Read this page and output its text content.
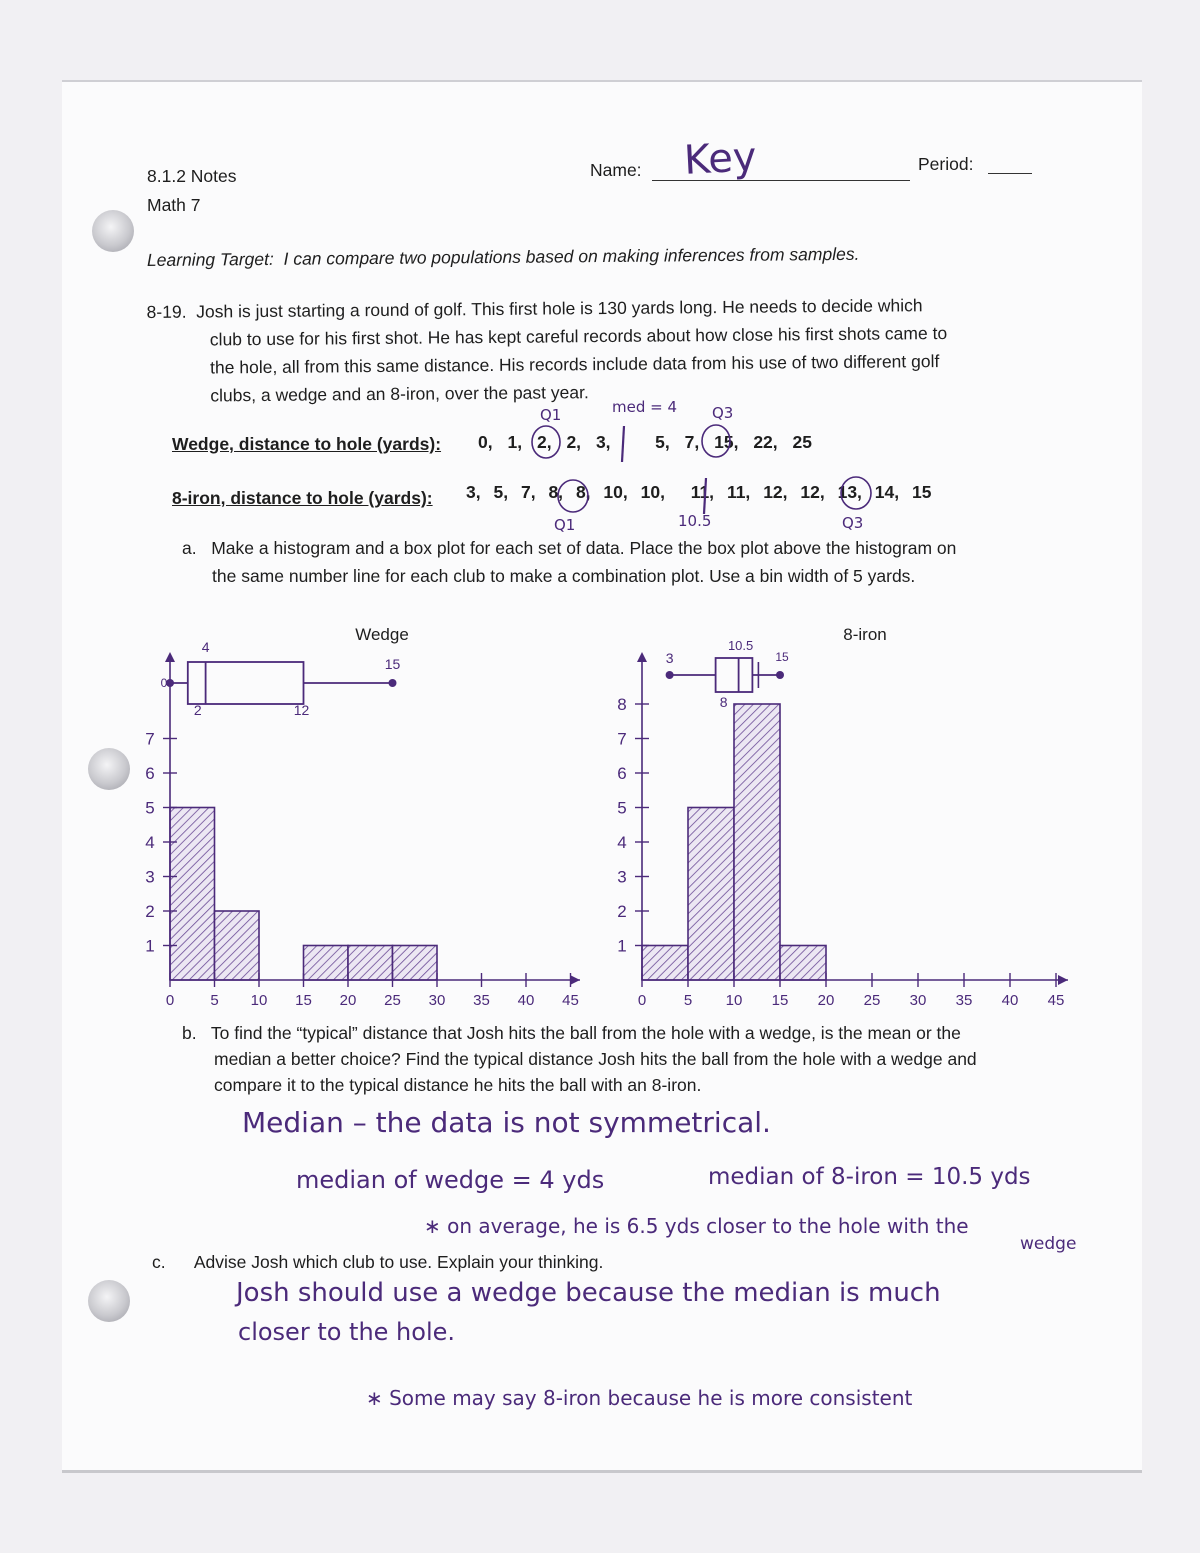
8.1.2 Notes
Math 7
Name: Key	Period:
Learning Target: I can compare two populations based on making inferences from samples.
8-19. Josh is just starting a round of golf. This first hole is 130 yards long. He needs to decide which
club to use for his first shot. He has kept careful records about how close his first shots came to
the hole, all from this same distance. His records include data from his use of two different golf
clubs, a wedge and an 8-iron, over the past year.
Wedge, distance to hole (yards): 0, 1, 2, 2, 3,	5, 7, 15, 22, 25
Q1	med = 4 Q3
8-iron, distance to hole (yards): 3, 5, 7, 8, 8, 10, 10, 11, 11, 12, 12, 13, 14, 15
Q1	10.5	Q3
a. Make a histogram and a box plot for each set of data. Place the box plot above the histogram on
the same number line for each club to make a combination plot. Use a bin width of 5 yards.
Wedge
0 5 10 15 20 25 30 35 40 45
1
2
3
4
5
6
7
0
2
4
12
15
8-iron
0	5 10 15 20 25 30 35 40 45
1
2
3
4
5
6
7
8
3
8
10.5
15
b. To find the “typical” distance that Josh hits the ball from the hole with a wedge, is the mean or the
median a better choice? Find the typical distance Josh hits the ball from the hole with a wedge and
compare it to the typical distance he hits the ball with an 8-iron.
Median – the data is not symmetrical.
median of wedge = 4 yds	median of 8-iron = 10.5 yds
∗ on average, he is 6.5 yds closer to the hole with the
wedge
c. Advise Josh which club to use. Explain your thinking.
Josh should use a wedge because the median is much
closer to the hole.
∗ Some may say 8-iron because he is more consistent
